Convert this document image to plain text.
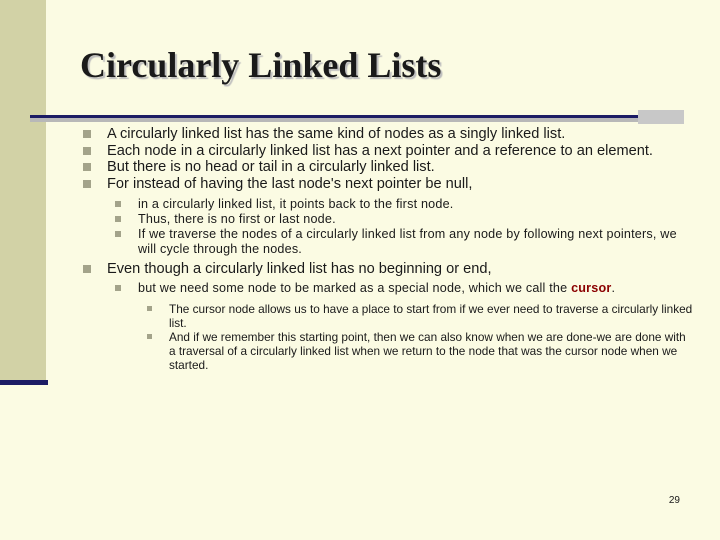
Circularly Linked Lists
A circularly linked list has the same kind of nodes as a singly linked list.
Each node in a circularly linked list has a next pointer and a reference to an element.
But there is no head or tail in a circularly linked list.
For instead of having the last node's next pointer be null,
in a circularly linked list, it points back to the first node.
Thus, there is no first or last node.
If we traverse the nodes of a circularly linked list from any node by following next pointers, we will cycle through the nodes.
Even though a circularly linked list has no beginning or end,
but we need some node to be marked as a special node, which we call the cursor.
The cursor node allows us to have a place to start from if we ever need to traverse a circularly linked list.
And if we remember this starting point, then we can also know when we are done-we are done with a traversal of a circularly linked list when we return to the node that was the cursor node when we started.
29
